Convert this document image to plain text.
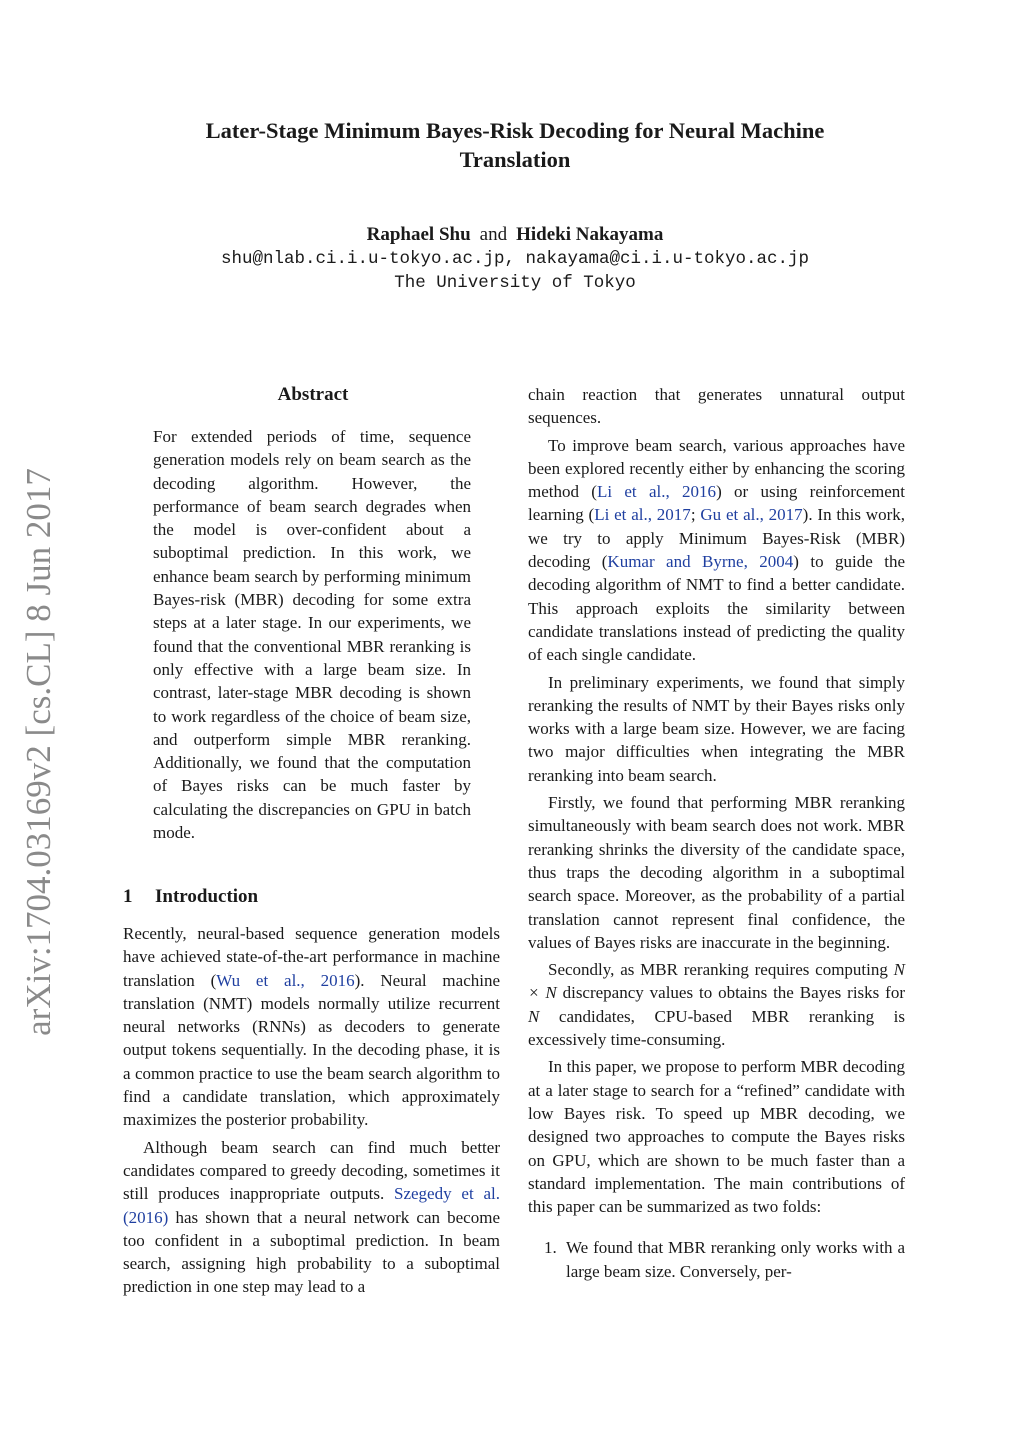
Later-Stage Minimum Bayes-Risk Decoding for Neural Machine Translation
Raphael Shu and Hideki Nakayama
shu@nlab.ci.i.u-tokyo.ac.jp, nakayama@ci.i.u-tokyo.ac.jp
The University of Tokyo
arXiv:1704.03169v2 [cs.CL] 8 Jun 2017
Abstract
For extended periods of time, sequence generation models rely on beam search as the decoding algorithm. However, the performance of beam search degrades when the model is over-confident about a suboptimal prediction. In this work, we enhance beam search by performing minimum Bayes-risk (MBR) decoding for some extra steps at a later stage. In our experiments, we found that the conventional MBR reranking is only effective with a large beam size. In contrast, later-stage MBR decoding is shown to work regardless of the choice of beam size, and outperform simple MBR reranking. Additionally, we found that the computation of Bayes risks can be much faster by calculating the discrepancies on GPU in batch mode.
1 Introduction

Recently, neural-based sequence generation models have achieved state-of-the-art performance in machine translation (Wu et al., 2016). Neural machine translation (NMT) models normally utilize recurrent neural networks (RNNs) as decoders to generate output tokens sequentially. In the decoding phase, it is a common practice to use the beam search algorithm to find a candidate translation, which approximately maximizes the posterior probability.

Although beam search can find much better candidates compared to greedy decoding, sometimes it still produces inappropriate outputs. Szegedy et al. (2016) has shown that a neural network can become too confident in a suboptimal prediction. In beam search, assigning high probability to a suboptimal prediction in one step may lead to a

chain reaction that generates unnatural output sequences.

To improve beam search, various approaches have been explored recently either by enhancing the scoring method (Li et al., 2016) or using reinforcement learning (Li et al., 2017; Gu et al., 2017). In this work, we try to apply Minimum Bayes-Risk (MBR) decoding (Kumar and Byrne, 2004) to guide the decoding algorithm of NMT to find a better candidate. This approach exploits the similarity between candidate translations instead of predicting the quality of each single candidate.

In preliminary experiments, we found that simply reranking the results of NMT by their Bayes risks only works with a large beam size. However, we are facing two major difficulties when integrating the MBR reranking into beam search.

Firstly, we found that performing MBR reranking simultaneously with beam search does not work. MBR reranking shrinks the diversity of the candidate space, thus traps the decoding algorithm in a suboptimal search space. Moreover, as the probability of a partial translation cannot represent final confidence, the values of Bayes risks are inaccurate in the beginning.

Secondly, as MBR reranking requires computing N × N discrepancy values to obtains the Bayes risks for N candidates, CPU-based MBR reranking is excessively time-consuming.

In this paper, we propose to perform MBR decoding at a later stage to search for a “refined” candidate with low Bayes risk. To speed up MBR decoding, we designed two approaches to compute the Bayes risks on GPU, which are shown to be much faster than a standard implementation. The main contributions of this paper can be summarized as two folds:

1. We found that MBR reranking only works with a large beam size. Conversely, per-
